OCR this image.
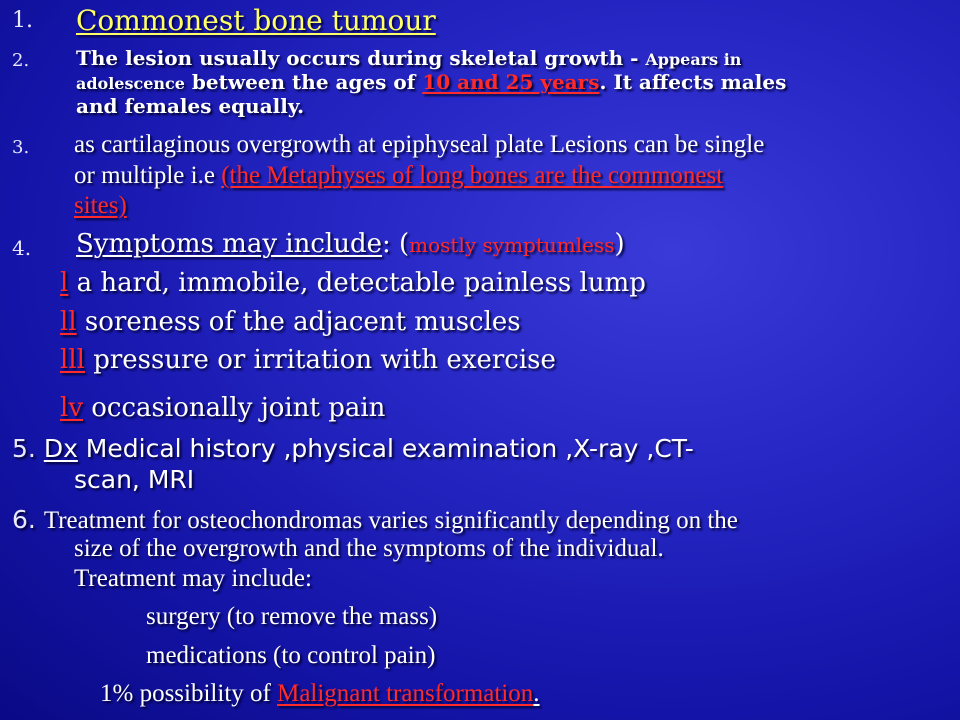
1. Commonest bone tumour
2. The lesion usually occurs during skeletal growth - Appears in
adolescence between the ages of 10 and 25 years. It affects males
and females equally.
3. as cartilaginous overgrowth at epiphyseal plate Lesions can be single
or multiple i.e (the Metaphyses of long bones are the commonest
sites)
4. Symptoms may include: (mostly symptumless)
l a hard, immobile, detectable painless lump
ll soreness of the adjacent muscles
lll pressure or irritation with exercise
lv occasionally joint pain
5. Dx Medical history ,physical examination ,X-ray ,CT-
scan, MRI
6. Treatment for osteochondromas varies significantly depending on the
size of the overgrowth and the symptoms of the individual.
Treatment may include:
surgery (to remove the mass)
medications (to control pain)
1% possibility of Malignant transformation.
